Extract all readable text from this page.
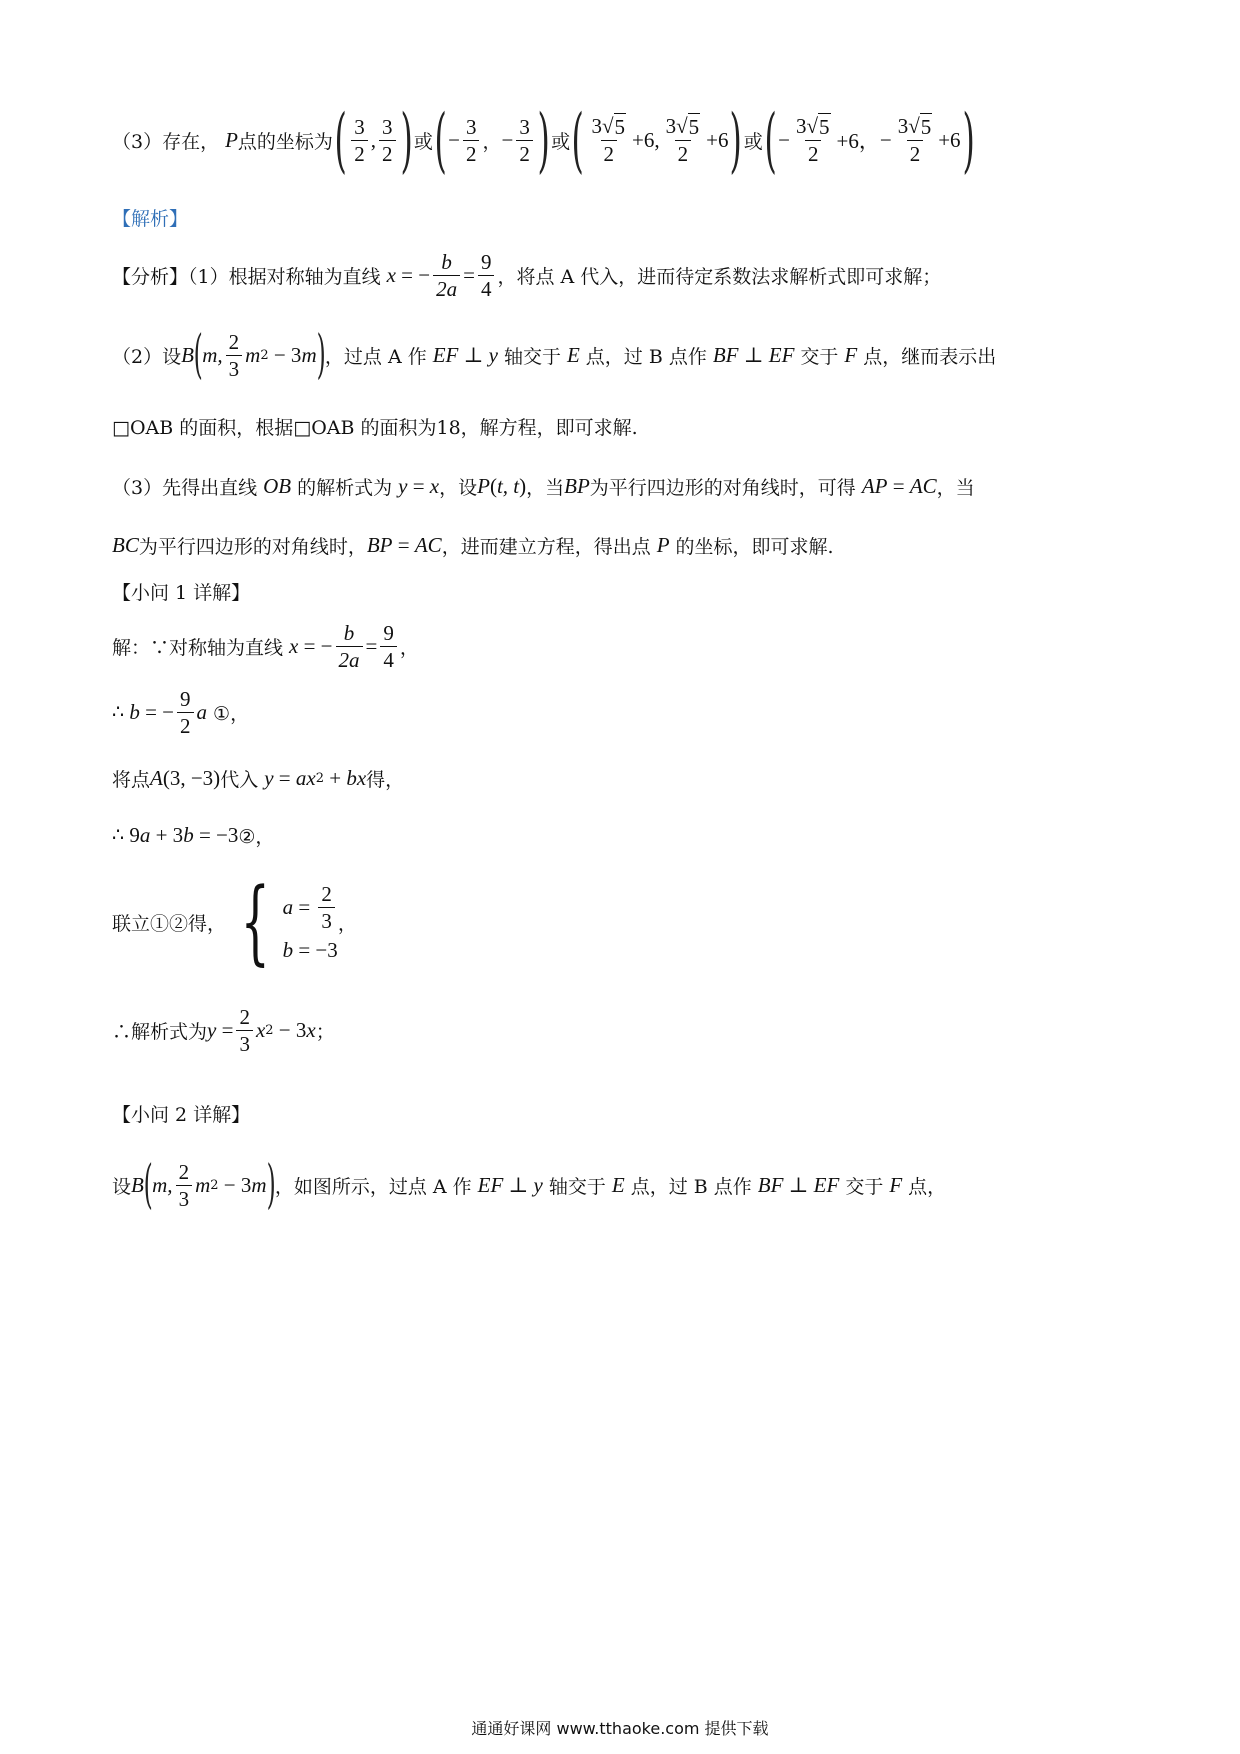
（3）存在， P 点的坐标为 ( $\frac{3}{2}$ , $\frac{3}{2}$ ) 或 ( − $\frac{3}{2}$ ， − $\frac{3}{2}$ ) 或 ( $\frac{3 √ 5}{2} +6$, $\frac{3 √ 5}{2} +6$ ) 或 ( − $\frac{3 √ 5}{2} +6$， − $\frac{3 √ 5}{2} +6$ )
【解析】
【分析】（1）根据对称轴为直线 x = − $\frac{b}{2a} = \frac{9}{4}$ ，将点 A 代入，进而待定系数法求解析式即可求解；
（2）设 B ( m, $\frac{2}{3}$ m 2 − 3 m ) ，过点 A 作 EF ⊥ y 轴交于 E 点，过 B 点作 BF ⊥ EF 交于 F 点，继而表示出
□OAB 的面积，根据□OAB 的面积为18，解方程，即可求解.
（3）先得出直线 OB 的解析式为 y = x ，设 P ( t, t ) ，当 BP 为平行四边形的对角线时，可得 AP = AC ，当
BC 为平行四边形的对角线时， BP = AC ，进而建立方程，得出点 P 的坐标，即可求解.
【小问 1 详解】
解：∵对称轴为直线 x = − $\frac{b}{2a} = \frac{9}{4}$ ，
∴ b = − $\frac{9}{2}$ a ①，
将点 A (3, −3) 代入 y = ax 2 + bx 得，
∴ 9 a + 3 b = −3 ②，
联立①②得， { $a = \frac{2}{3}$
b = −3
，
∴解析式为 $y = \frac{2}{3}$ x 2 − 3 x ；
【小问 2 详解】
设 B ( m, $\frac{2}{3}$ m 2 − 3 m ) ，如图所示，过点 A 作 EF ⊥ y 轴交于 E 点，过 B 点作 BF ⊥ EF 交于 F 点，
通通好课网 www.tthaoke.com 提供下载
